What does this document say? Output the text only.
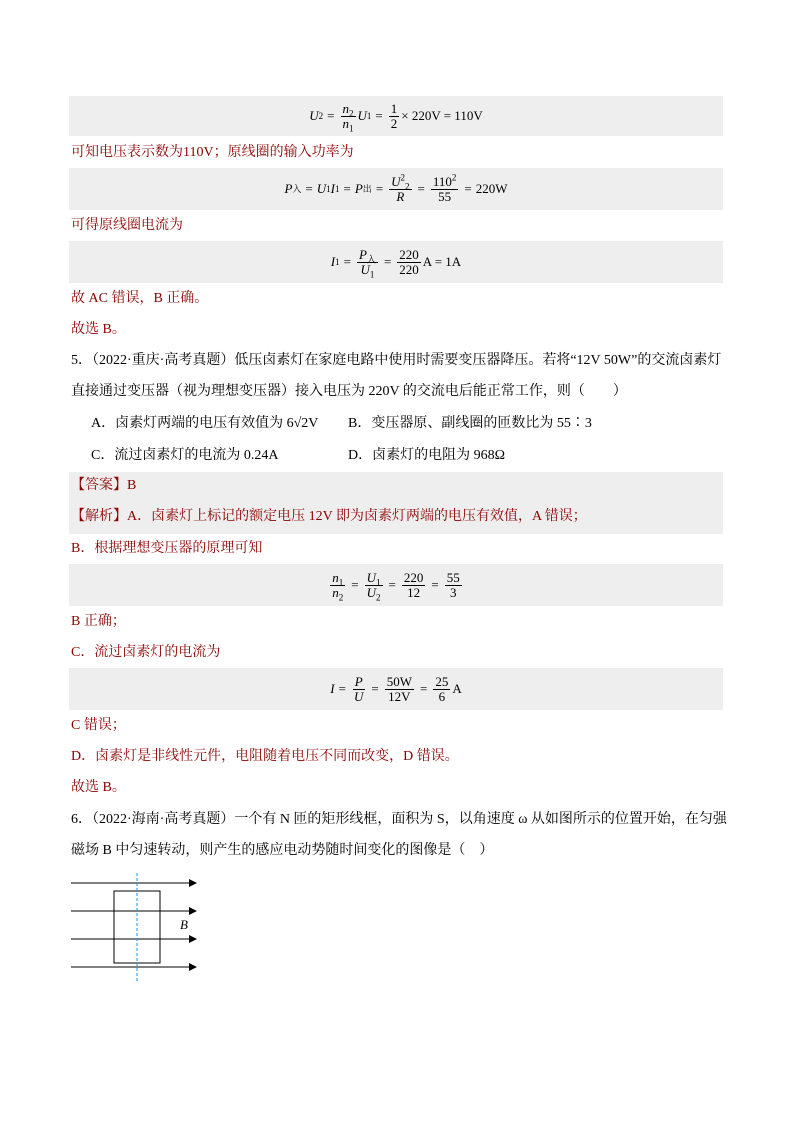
U $2 = \frac{n_2}{n_1}$ U $1 = \frac{1}{2} \times 220V = 110V$
可知电压表示数为110V；原线圈的输入功率为
P 入 = U 1 I 1 = P 出 = $\frac{U^2_2}{R} = \frac{110^2}{55} = 220W$
可得原线圈电流为
I $1 = \frac{P_入}{U_1} = \frac{220}{220}$ A = 1A
故 AC 错误，B 正确。
故选 B。
5．（2022·重庆·高考真题）低压卤素灯在家庭电路中使用时需要变压器降压。若将“12V 50W”的交流卤素灯
直接通过变压器（视为理想变压器）接入电压为 220V 的交流电后能正常工作，则（　　）
A．卤素灯两端的电压有效值为 6√2V B．变压器原、副线圈的匝数比为 55∶3
C．流过卤素灯的电流为 0.24A	D．卤素灯的电阻为 968Ω
【答案】B
【解析】A．卤素灯上标记的额定电压 12V 即为卤素灯两端的电压有效值，A 错误；
B．根据理想变压器的原理可知
$\frac{n_1}{n_2} = \frac{U_1}{U_2} = \frac{220}{12} = \frac{55}{3}$
B 正确；
C．流过卤素灯的电流为
$I = \frac{P}{U} = \frac{50W}{12V} = \frac{25}{6}$ A
C 错误；
D．卤素灯是非线性元件，电阻随着电压不同而改变，D 错误。
故选 B。
6．（2022·海南·高考真题）一个有 N 匝的矩形线框，面积为 S，以角速度 ω 从如图所示的位置开始，在匀强
磁场 B 中匀速转动，则产生的感应电动势随时间变化的图像是（　）
B
